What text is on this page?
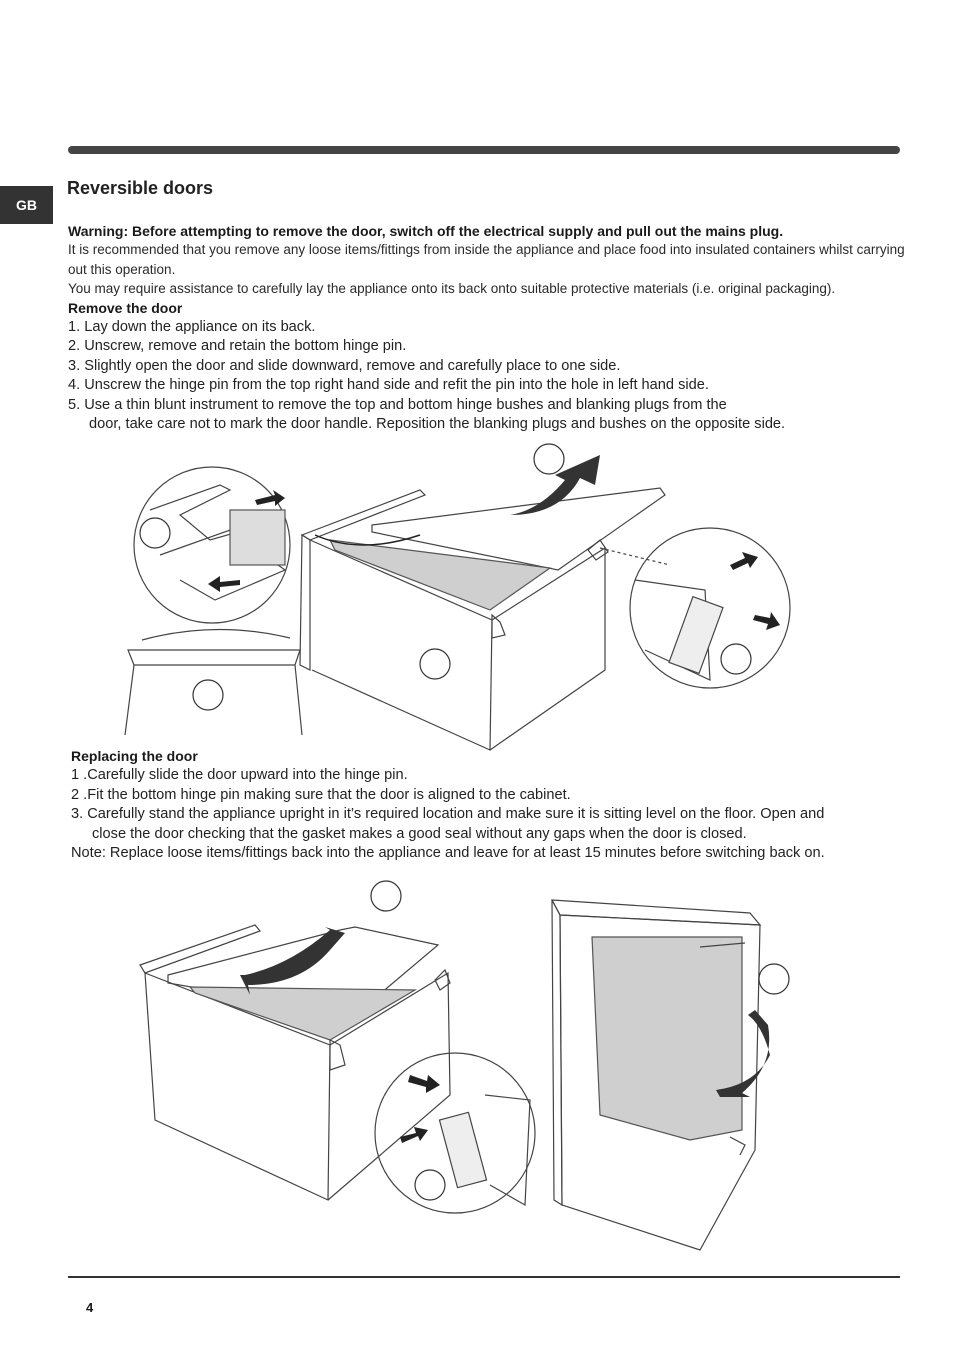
GB
Reversible doors

Warning: Before attempting to remove the door, switch off the electrical supply and pull out the mains plug.

It is recommended that you remove any loose items/fittings from inside the appliance and place food into insulated containers whilst carrying out this operation.

You may require assistance to carefully lay the appliance onto its back onto suitable protective materials (i.e. original packaging).

Remove the door

1. Lay down the appliance on its back.

2. Unscrew, remove and retain the bottom hinge pin.

3. Slightly open the door and slide downward, remove and carefully place to one side.

4. Unscrew the hinge pin from the top right hand side and refit the pin into the hole in left hand side.

5. Use a thin blunt instrument to remove the top and bottom hinge bushes and blanking plugs from the

door, take care not to mark the door handle. Reposition the blanking plugs and bushes on the opposite side.

Replacing the door

1 .Carefully slide the door upward into the hinge pin.

2 .Fit the bottom hinge pin making sure that the door is aligned to the cabinet.

3. Carefully stand the appliance upright in it’s required location and make sure it is sitting level on the floor. Open and

close the door checking that the gasket makes a good seal without any gaps when the door is closed.

Note: Replace loose items/fittings back into the appliance and leave for at least 15 minutes before switching back on.

4
